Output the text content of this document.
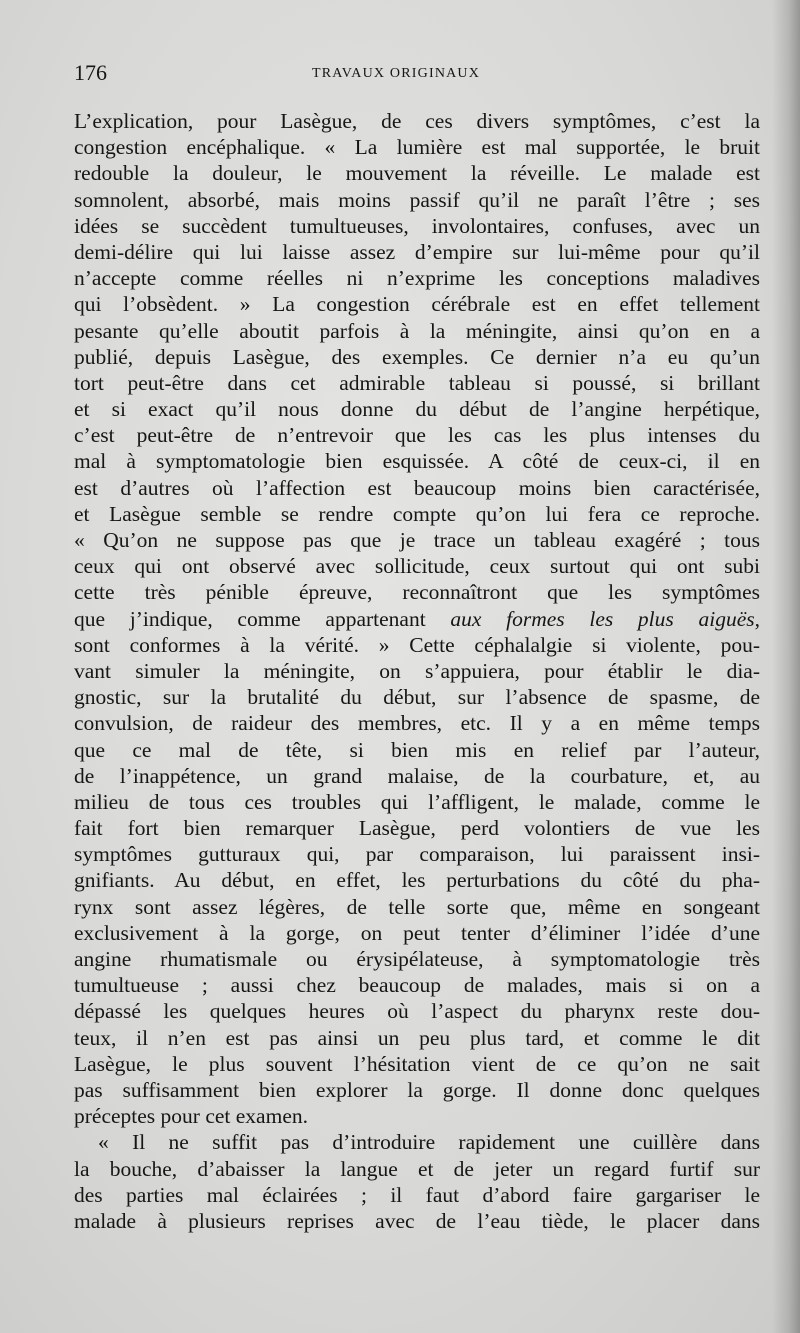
176	TRAVAUX ORIGINAUX
L’explication, pour Lasègue, de ces divers symptômes, c’est la
congestion encéphalique. « La lumière est mal supportée, le bruit
redouble la douleur, le mouvement la réveille. Le malade est
somnolent, absorbé, mais moins passif qu’il ne paraît l’être ; ses
idées se succèdent tumultueuses, involontaires, confuses, avec un
demi-délire qui lui laisse assez d’empire sur lui-même pour qu’il
n’accepte comme réelles ni n’exprime les conceptions maladives
qui l’obsèdent. » La congestion cérébrale est en effet tellement
pesante qu’elle aboutit parfois à la méningite, ainsi qu’on en a
publié, depuis Lasègue, des exemples. Ce dernier n’a eu qu’un
tort peut-être dans cet admirable tableau si poussé, si brillant
et si exact qu’il nous donne du début de l’angine herpétique,
c’est peut-être de n’entrevoir que les cas les plus intenses du
mal à symptomatologie bien esquissée. A côté de ceux-ci, il en
est d’autres où l’affection est beaucoup moins bien caractérisée,
et Lasègue semble se rendre compte qu’on lui fera ce reproche.
« Qu’on ne suppose pas que je trace un tableau exagéré ; tous
ceux qui ont observé avec sollicitude, ceux surtout qui ont subi
cette très pénible épreuve, reconnaîtront que les symptômes
que j’indique, comme appartenant aux formes les plus aiguës,
sont conformes à la vérité. » Cette céphalalgie si violente, pou-
vant simuler la méningite, on s’appuiera, pour établir le dia-
gnostic, sur la brutalité du début, sur l’absence de spasme, de
convulsion, de raideur des membres, etc. Il y a en même temps
que ce mal de tête, si bien mis en relief par l’auteur,
de l’inappétence, un grand malaise, de la courbature, et, au
milieu de tous ces troubles qui l’affligent, le malade, comme le
fait fort bien remarquer Lasègue, perd volontiers de vue les
symptômes gutturaux qui, par comparaison, lui paraissent insi-
gnifiants. Au début, en effet, les perturbations du côté du pha-
rynx sont assez légères, de telle sorte que, même en songeant
exclusivement à la gorge, on peut tenter d’éliminer l’idée d’une
angine rhumatismale ou érysipélateuse, à symptomatologie très
tumultueuse ; aussi chez beaucoup de malades, mais si on a
dépassé les quelques heures où l’aspect du pharynx reste dou-
teux, il n’en est pas ainsi un peu plus tard, et comme le dit
Lasègue, le plus souvent l’hésitation vient de ce qu’on ne sait
pas suffisamment bien explorer la gorge. Il donne donc quelques
préceptes pour cet examen.
« Il ne suffit pas d’introduire rapidement une cuillère dans
la bouche, d’abaisser la langue et de jeter un regard furtif sur
des parties mal éclairées ; il faut d’abord faire gargariser le
malade à plusieurs reprises avec de l’eau tiède, le placer dans
